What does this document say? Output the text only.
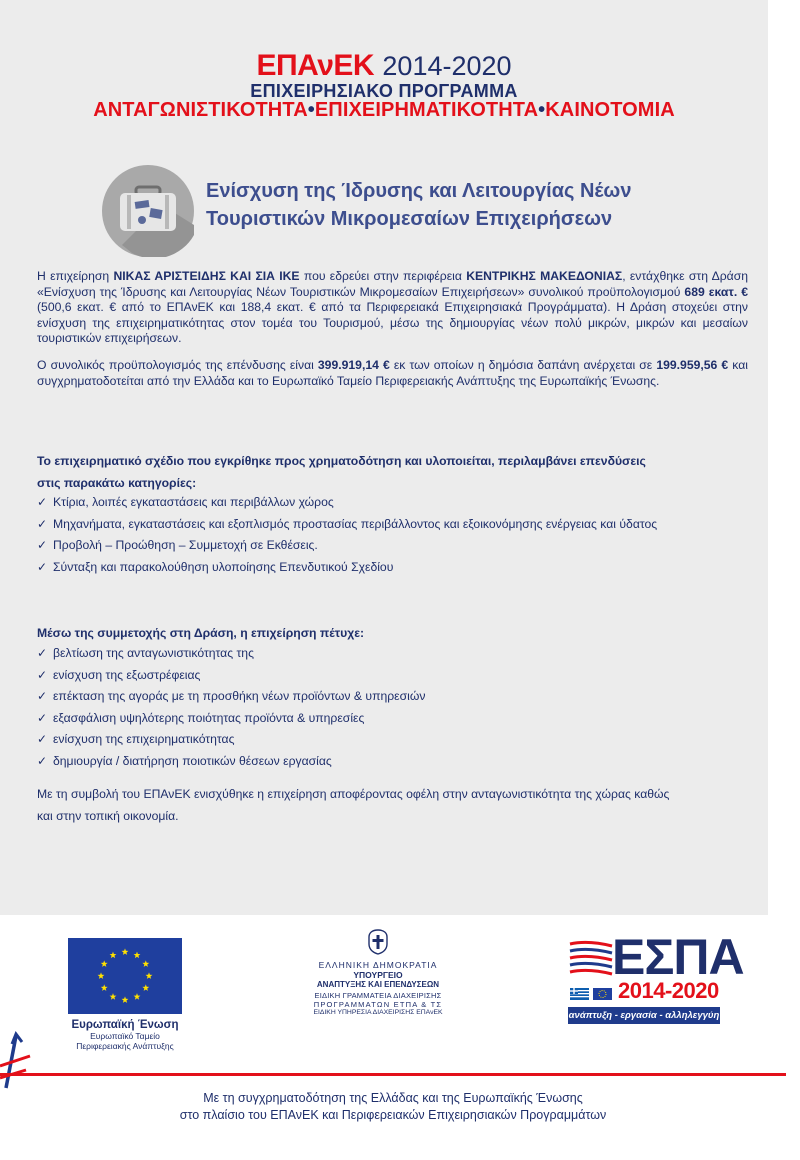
ΕΠΑνΕΚ 2014-2020
ΕΠΙΧΕΙΡΗΣΙΑΚΟ ΠΡΟΓΡΑΜΜΑ
ΑΝΤΑΓΩΝΙΣΤΙΚΟΤΗΤΑ•ΕΠΙΧΕΙΡΗΜΑΤΙΚΟΤΗΤΑ•ΚΑΙΝΟΤΟΜΙΑ
Ενίσχυση της Ίδρυσης και Λειτουργίας Νέων
Τουριστικών Μικρομεσαίων Επιχειρήσεων

Η επιχείρηση ΝΙΚΑΣ ΑΡΙΣΤΕΙΔΗΣ ΚΑΙ ΣΙΑ ΙΚΕ που εδρεύει στην περιφέρεια ΚΕΝΤΡΙΚΗΣ ΜΑΚΕΔΟΝΙΑΣ, εντάχθηκε στη Δράση «Ενίσχυση της Ίδρυσης και Λειτουργίας Νέων Τουριστικών Μικρομεσαίων Επιχειρήσεων» συνολικού προϋπολογισμού 689 εκατ. € (500,6 εκατ. € από το ΕΠΑνΕΚ και 188,4 εκατ. € από τα Περιφερειακά Επιχειρησιακά Προγράμματα). Η Δράση στοχεύει στην ενίσχυση της επιχειρηματικότητας στον τομέα του Τουρισμού, μέσω της δημιουργίας νέων πολύ μικρών, μικρών και μεσαίων τουριστικών επιχειρήσεων.

Ο συνολικός προϋπολογισμός της επένδυσης είναι 399.919,14 € εκ των οποίων η δημόσια δαπάνη ανέρχεται σε 199.959,56 € και συγχρηματοδοτείται από την Ελλάδα και το Ευρωπαϊκό Ταμείο Περιφερειακής Ανάπτυξης της Ευρωπαϊκής Ένωσης.

Το επιχειρηματικό σχέδιο που εγκρίθηκε προς χρηματοδότηση και υλοποιείται, περιλαμβάνει επενδύσεις
στις παρακάτω κατηγορίες:
✓ Κτίρια, λοιπές εγκαταστάσεις και περιβάλλων χώρος
✓ Μηχανήματα, εγκαταστάσεις και εξοπλισμός προστασίας περιβάλλοντος και εξοικονόμησης ενέργειας και ύδατος
✓ Προβολή – Προώθηση – Συμμετοχή σε Εκθέσεις.
✓ Σύνταξη και παρακολούθηση υλοποίησης Επενδυτικού Σχεδίου
Μέσω της συμμετοχής στη Δράση, η επιχείρηση πέτυχε:
✓ βελτίωση της ανταγωνιστικότητας της
✓ ενίσχυση της εξωστρέφειας
✓ επέκταση της αγοράς με τη προσθήκη νέων προϊόντων & υπηρεσιών
✓ εξασφάλιση υψηλότερης ποιότητας προϊόντα & υπηρεσίες
✓ ενίσχυση της επιχειρηματικότητας
✓ δημιουργία / διατήρηση ποιοτικών θέσεων εργασίας
Με τη συμβολή του ΕΠΑνΕΚ ενισχύθηκε η επιχείρηση αποφέροντας οφέλη στην ανταγωνιστικότητα της χώρας καθώς
και στην τοπική οικονομία.
Ευρωπαϊκή Ένωση
Ευρωπαϊκό Ταμείο
Περιφερειακής Ανάπτυξης
ΕΛΛΗΝΙΚΗ ΔΗΜΟΚΡΑΤΙΑ
ΥΠΟΥΡΓΕΙΟ
ΑΝΑΠΤΥΞΗΣ ΚΑΙ ΕΠΕΝΔΥΣΕΩΝ
ΕΙΔΙΚΗ ΓΡΑΜΜΑΤΕΙΑ ΔΙΑΧΕΙΡΙΣΗΣ
ΠΡΟΓΡΑΜΜΑΤΩΝ ΕΤΠΑ & ΤΣ
ΕΙΔΙΚΗ ΥΠΗΡΕΣΙΑ ΔΙΑΧΕΙΡΙΣΗΣ ΕΠΑνΕΚ
ΕΣΠΑ
2014-2020
ανάπτυξη - εργασία - αλληλεγγύη
Με τη συγχρηματοδότηση της Ελλάδας και της Ευρωπαϊκής Ένωσης
στο πλαίσιο του ΕΠΑνΕΚ και Περιφερειακών Επιχειρησιακών Προγραμμάτων
